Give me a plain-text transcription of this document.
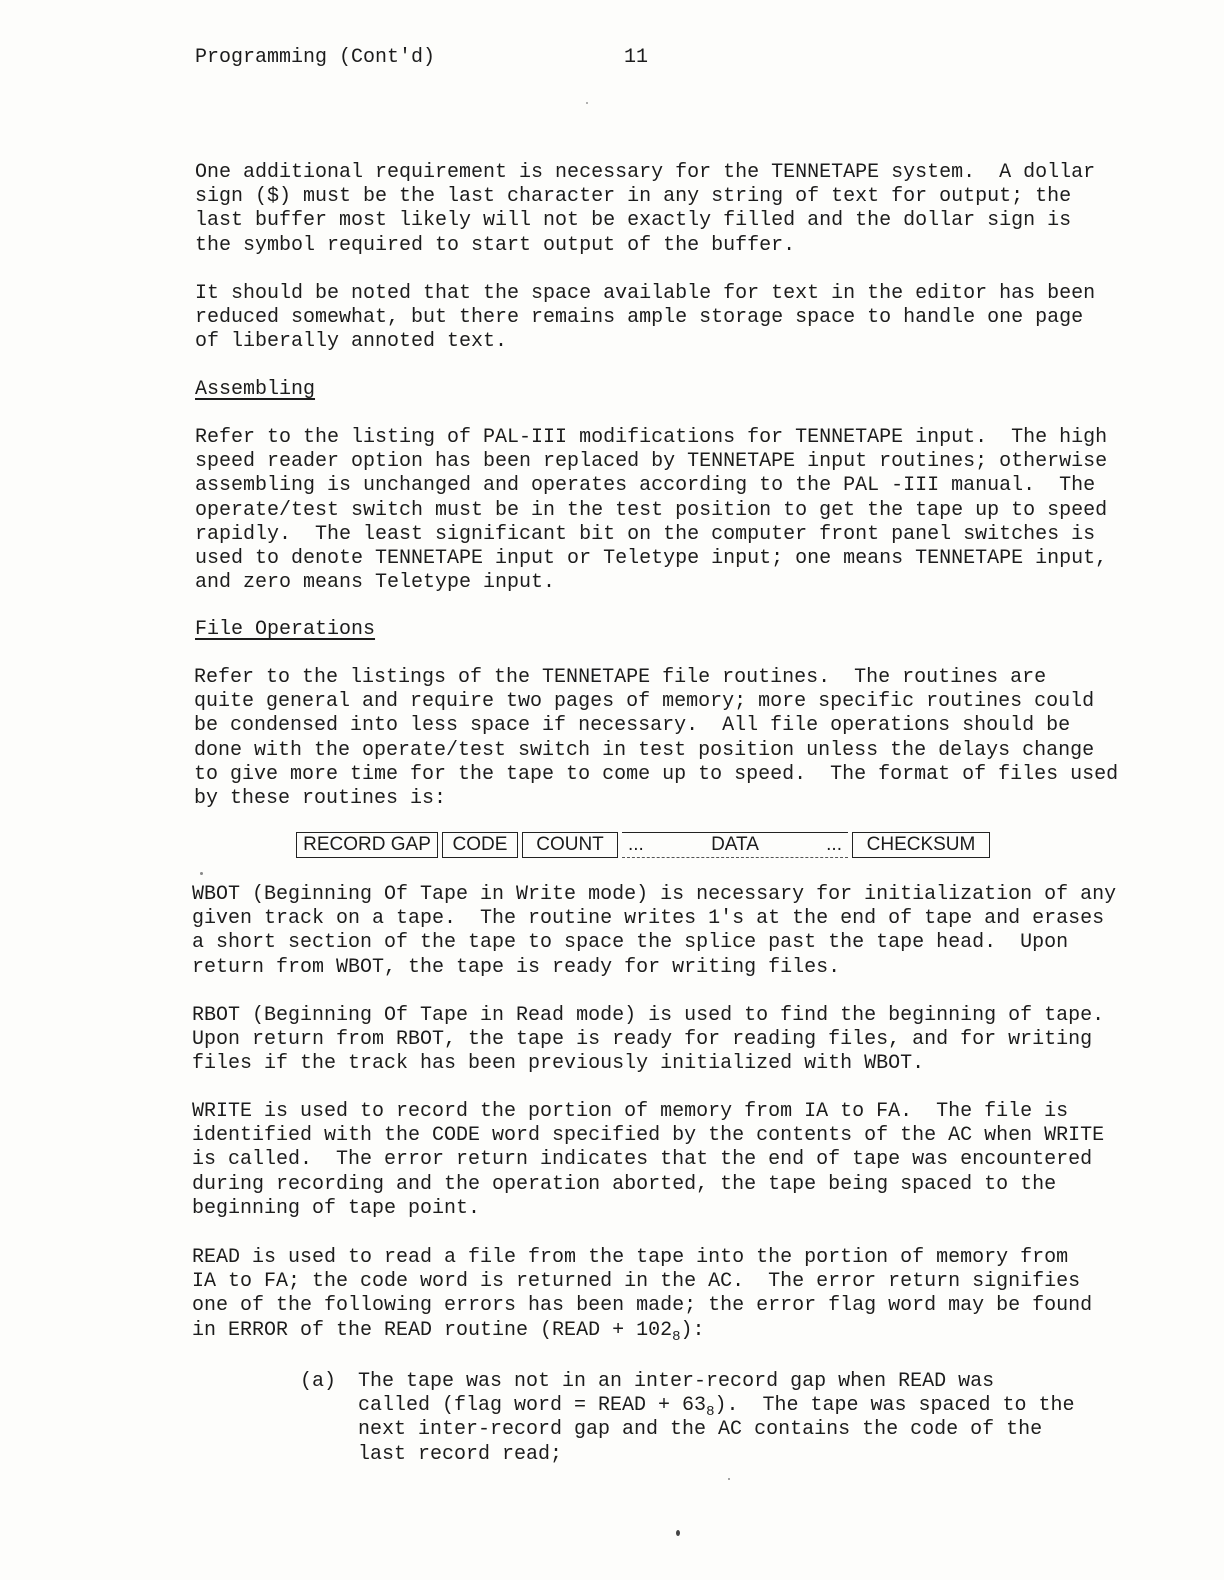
Programming (Cont'd)	11
One additional requirement is necessary for the TENNETAPE system.  A dollar
sign ($) must be the last character in any string of text for output; the
last buffer most likely will not be exactly filled and the dollar sign is
the symbol required to start output of the buffer.
It should be noted that the space available for text in the editor has been
reduced somewhat, but there remains ample storage space to handle one page
of liberally annoted text.
Assembling
Refer to the listing of PAL-III modifications for TENNETAPE input.  The high
speed reader option has been replaced by TENNETAPE input routines; otherwise
assembling is unchanged and operates according to the PAL -III manual.  The
operate/test switch must be in the test position to get the tape up to speed
rapidly.  The least significant bit on the computer front panel switches is
used to denote TENNETAPE input or Teletype input; one means TENNETAPE input,
and zero means Teletype input.
File Operations
Refer to the listings of the TENNETAPE file routines.  The routines are
quite general and require two pages of memory; more specific routines could
be condensed into less space if necessary.  All file operations should be
done with the operate/test switch in test position unless the delays change
to give more time for the tape to come up to speed.  The format of files used
by these routines is:
RECORD GAP CODE COUNT ...	DATA	... CHECKSUM
WBOT (Beginning Of Tape in Write mode) is necessary for initialization of any
given track on a tape.  The routine writes 1's at the end of tape and erases
a short section of the tape to space the splice past the tape head.  Upon
return from WBOT, the tape is ready for writing files.
RBOT (Beginning Of Tape in Read mode) is used to find the beginning of tape.
Upon return from RBOT, the tape is ready for reading files, and for writing
files if the track has been previously initialized with WBOT.
WRITE is used to record the portion of memory from IA to FA.  The file is
identified with the CODE word specified by the contents of the AC when WRITE
is called.  The error return indicates that the end of tape was encountered
during recording and the operation aborted, the tape being spaced to the
beginning of tape point.
READ is used to read a file from the tape into the portion of memory from
IA to FA; the code word is returned in the AC.  The error return signifies
one of the following errors has been made; the error flag word may be found
in ERROR of the READ routine (READ + $102_8$):
(a) The tape was not in an inter-record gap when READ was
called (flag word = READ + $63_8$).  The tape was spaced to the
next inter-record gap and the AC contains the code of the
last record read;
